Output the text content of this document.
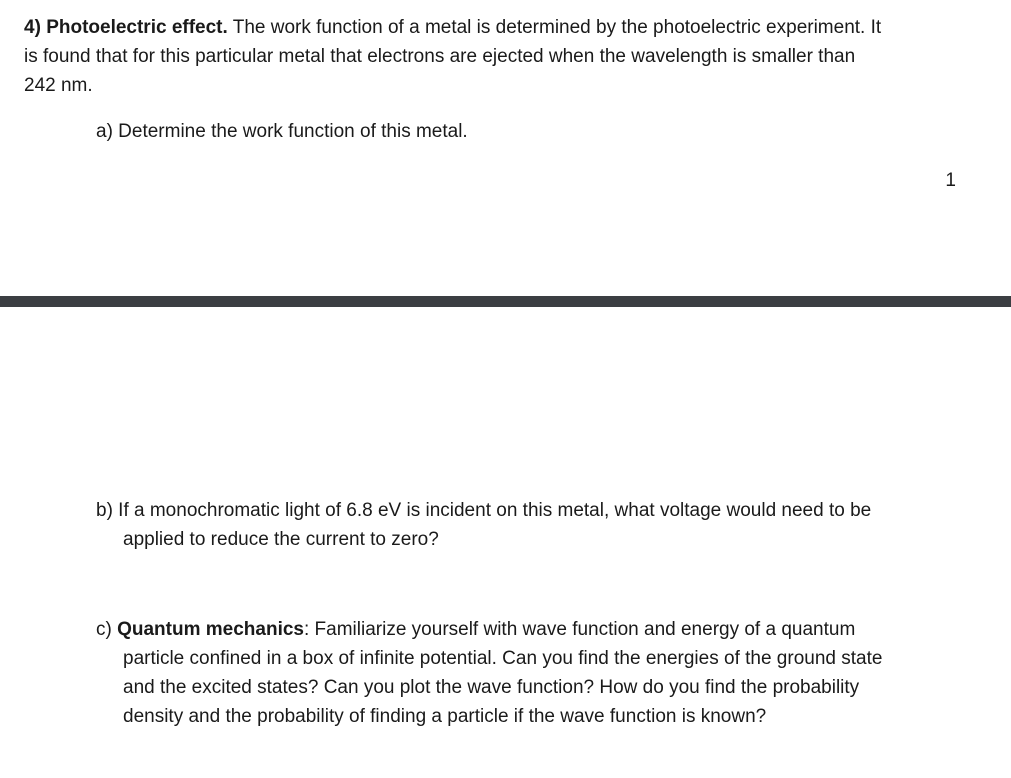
4) Photoelectric effect. The work function of a metal is determined by the photoelectric experiment. It
is found that for this particular metal that electrons are ejected when the wavelength is smaller than
242 nm.

a) Determine the work function of this metal.

1

b) If a monochromatic light of 6.8 eV is incident on this metal, what voltage would need to be
applied to reduce the current to zero?

c) Quantum mechanics: Familiarize yourself with wave function and energy of a quantum
particle confined in a box of infinite potential. Can you find the energies of the ground state
and the excited states? Can you plot the wave function? How do you find the probability
density and the probability of finding a particle if the wave function is known?
